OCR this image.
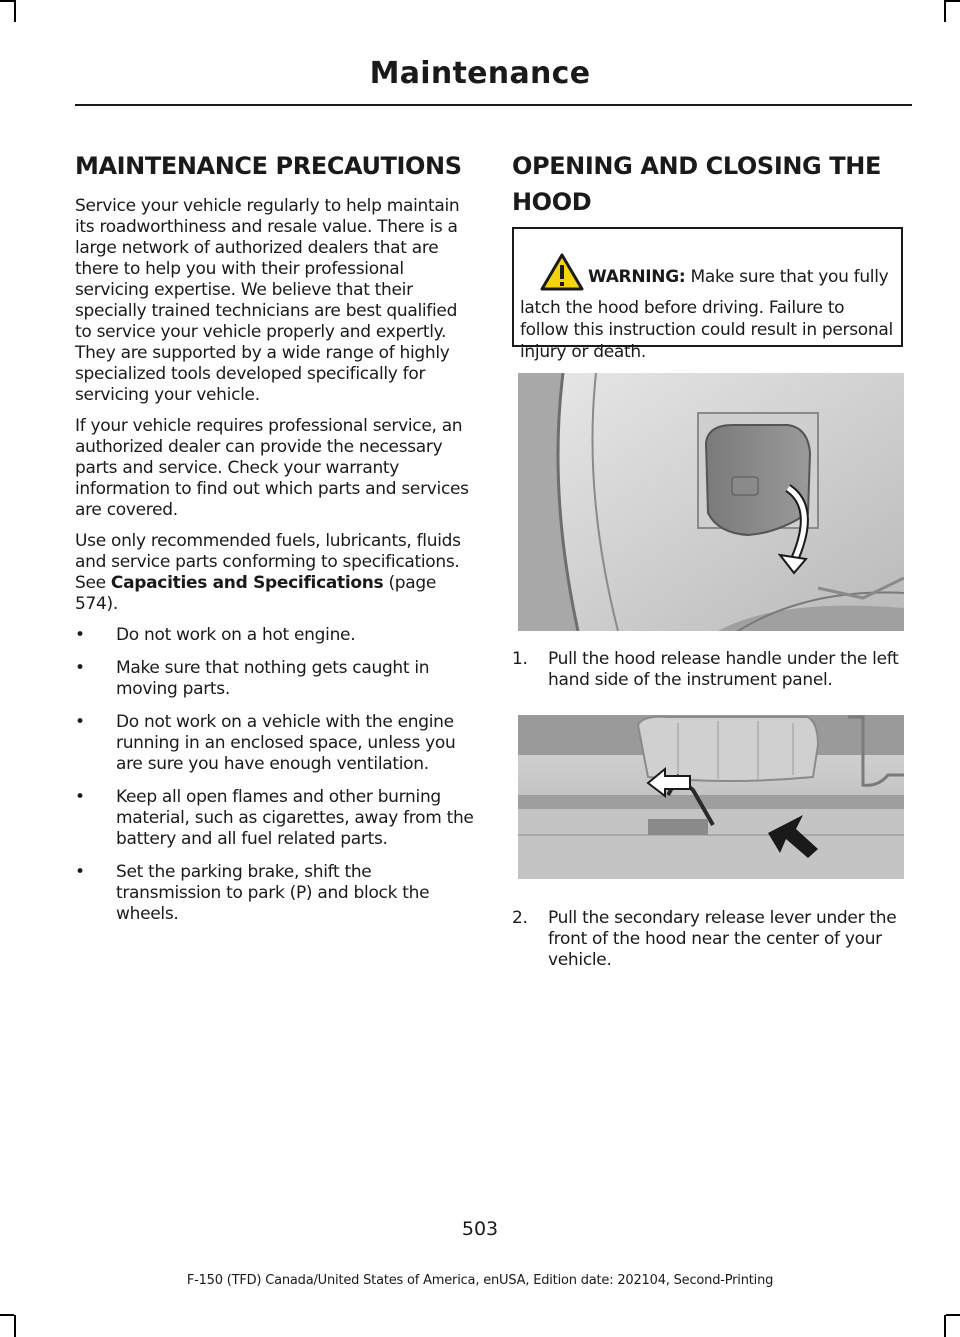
Maintenance
MAINTENANCE PRECAUTIONS

Service your vehicle regularly to help maintain its roadworthiness and resale value. There is a large network of authorized dealers that are there to help you with their professional servicing expertise. We believe that their specially trained technicians are best qualified to service your vehicle properly and expertly. They are supported by a wide range of highly specialized tools developed specifically for servicing your vehicle.

If your vehicle requires professional service, an authorized dealer can provide the necessary parts and service. Check your warranty information to find out which parts and services are covered.

Use only recommended fuels, lubricants, fluids and service parts conforming to specifications. See Capacities and Specifications (page 574).

• Do not work on a hot engine.
• Make sure that nothing gets caught in moving parts.
• Do not work on a vehicle with the engine running in an enclosed space, unless you are sure you have enough ventilation.
• Keep all open flames and other burning material, such as cigarettes, away from the battery and all fuel related parts.
• Set the parking brake, shift the transmission to park (P) and block the wheels.
OPENING AND CLOSING THE
HOOD

WARNING: Make sure that you fully latch the hood before driving. Failure to follow this instruction could result in personal injury or death.

1. Pull the hood release handle under the left hand side of the instrument panel.
2. Pull the secondary release lever under the front of the hood near the center of your vehicle.
503
F-150 (TFD) Canada/United States of America, enUSA, Edition date: 202104, Second-Printing
